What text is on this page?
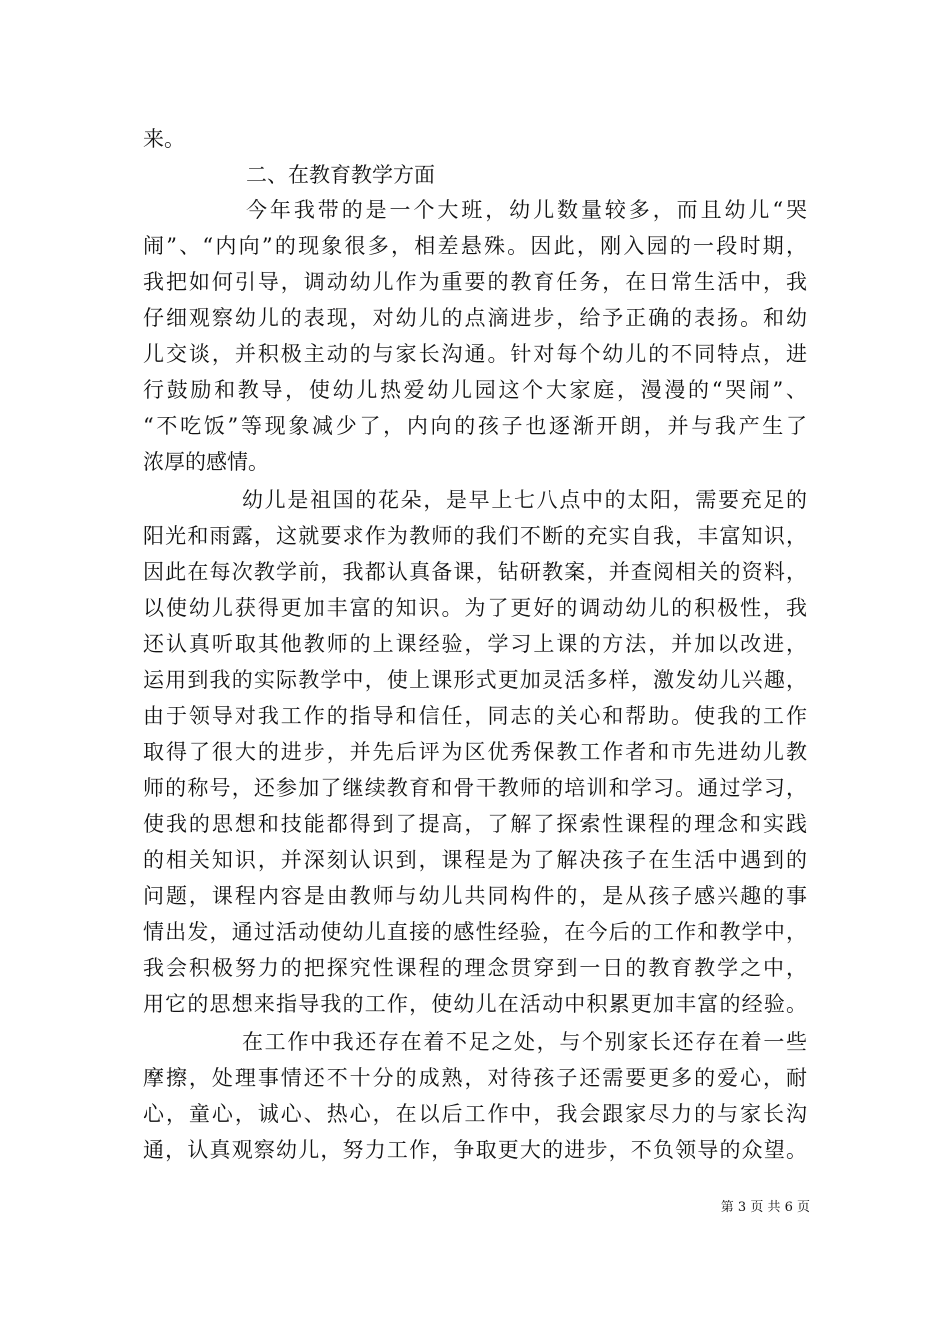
来。
二、在教育教学方面
今年我带的是一个大班，幼儿数量较多，而且幼儿“哭
闹”、“内向”的现象很多，相差悬殊。因此，刚入园的一段时期，
我把如何引导，调动幼儿作为重要的教育任务，在日常生活中，我
仔细观察幼儿的表现，对幼儿的点滴进步，给予正确的表扬。和幼
儿交谈，并积极主动的与家长沟通。针对每个幼儿的不同特点，进
行鼓励和教导，使幼儿热爱幼儿园这个大家庭，漫漫的“哭闹”、
“不吃饭”等现象减少了，内向的孩子也逐渐开朗，并与我产生了
浓厚的感情。
幼儿是祖国的花朵，是早上七八点中的太阳，需要充足的
阳光和雨露，这就要求作为教师的我们不断的充实自我，丰富知识，
因此在每次教学前，我都认真备课，钻研教案，并查阅相关的资料，
以使幼儿获得更加丰富的知识。为了更好的调动幼儿的积极性，我
还认真听取其他教师的上课经验，学习上课的方法，并加以改进，
运用到我的实际教学中，使上课形式更加灵活多样，激发幼儿兴趣，
由于领导对我工作的指导和信任，同志的关心和帮助。使我的工作
取得了很大的进步，并先后评为区优秀保教工作者和市先进幼儿教
师的称号，还参加了继续教育和骨干教师的培训和学习。通过学习，
使我的思想和技能都得到了提高，了解了探索性课程的理念和实践
的相关知识，并深刻认识到，课程是为了解决孩子在生活中遇到的
问题，课程内容是由教师与幼儿共同构件的，是从孩子感兴趣的事
情出发，通过活动使幼儿直接的感性经验，在今后的工作和教学中，
我会积极努力的把探究性课程的理念贯穿到一日的教育教学之中，
用它的思想来指导我的工作，使幼儿在活动中积累更加丰富的经验。
在工作中我还存在着不足之处，与个别家长还存在着一些
摩擦，处理事情还不十分的成熟，对待孩子还需要更多的爱心，耐
心，童心，诚心、热心，在以后工作中，我会跟家尽力的与家长沟
通，认真观察幼儿，努力工作，争取更大的进步，不负领导的众望。
第 3 页 共 6 页
